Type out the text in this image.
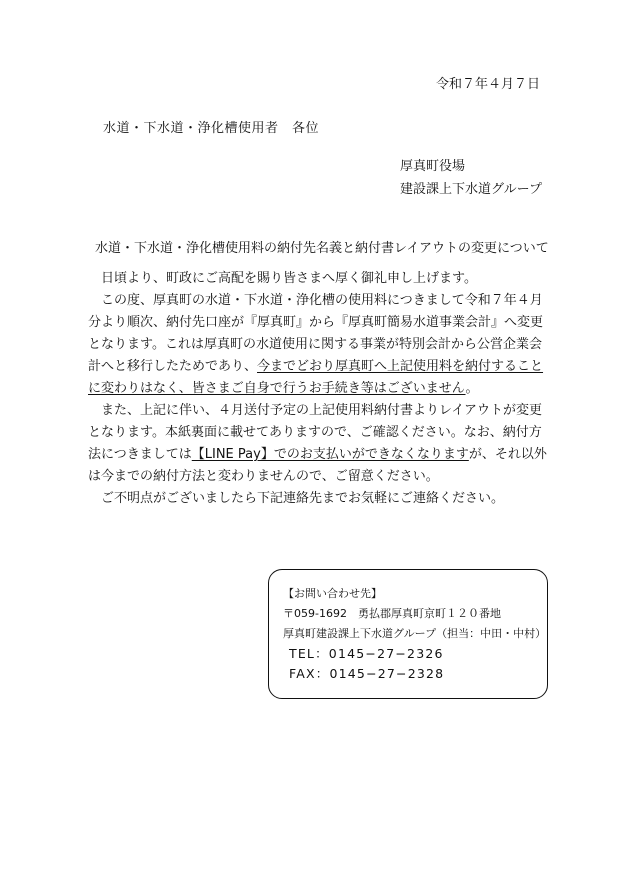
令和７年４月７日
水道・下水道・浄化槽使用者　各位
厚真町役場
建設課上下水道グループ
水道・下水道・浄化槽使用料の納付先名義と納付書レイアウトの変更について

　日頃より、町政にご高配を賜り皆さまへ厚く御礼申し上げます。

　この度、厚真町の水道・下水道・浄化槽の使用料につきまして令和７年４月

分より順次、納付先口座が『厚真町』から『厚真町簡易水道事業会計』へ変更

となります。これは厚真町の水道使用に関する事業が特別会計から公営企業会

計へと移行したためであり、今までどおり厚真町へ上記使用料を納付すること

に変わりはなく、皆さまご自身で行うお手続き等はございません。

　また、上記に伴い、４月送付予定の上記使用料納付書よりレイアウトが変更

となります。本紙裏面に載せてありますので、ご確認ください。なお、納付方

法につきましては【LINE Pay】でのお支払いができなくなりますが、それ以外

は今までの納付方法と変わりませんので、ご留意ください。

　ご不明点がございましたら下記連絡先までお気軽にご連絡ください。

【お問い合わせ先】
〒059-1692　勇払郡厚真町京町１２０番地
厚真町建設課上下水道グループ（担当：中田・中村）
TEL：0145−27−2326
FAX：0145−27−2328
